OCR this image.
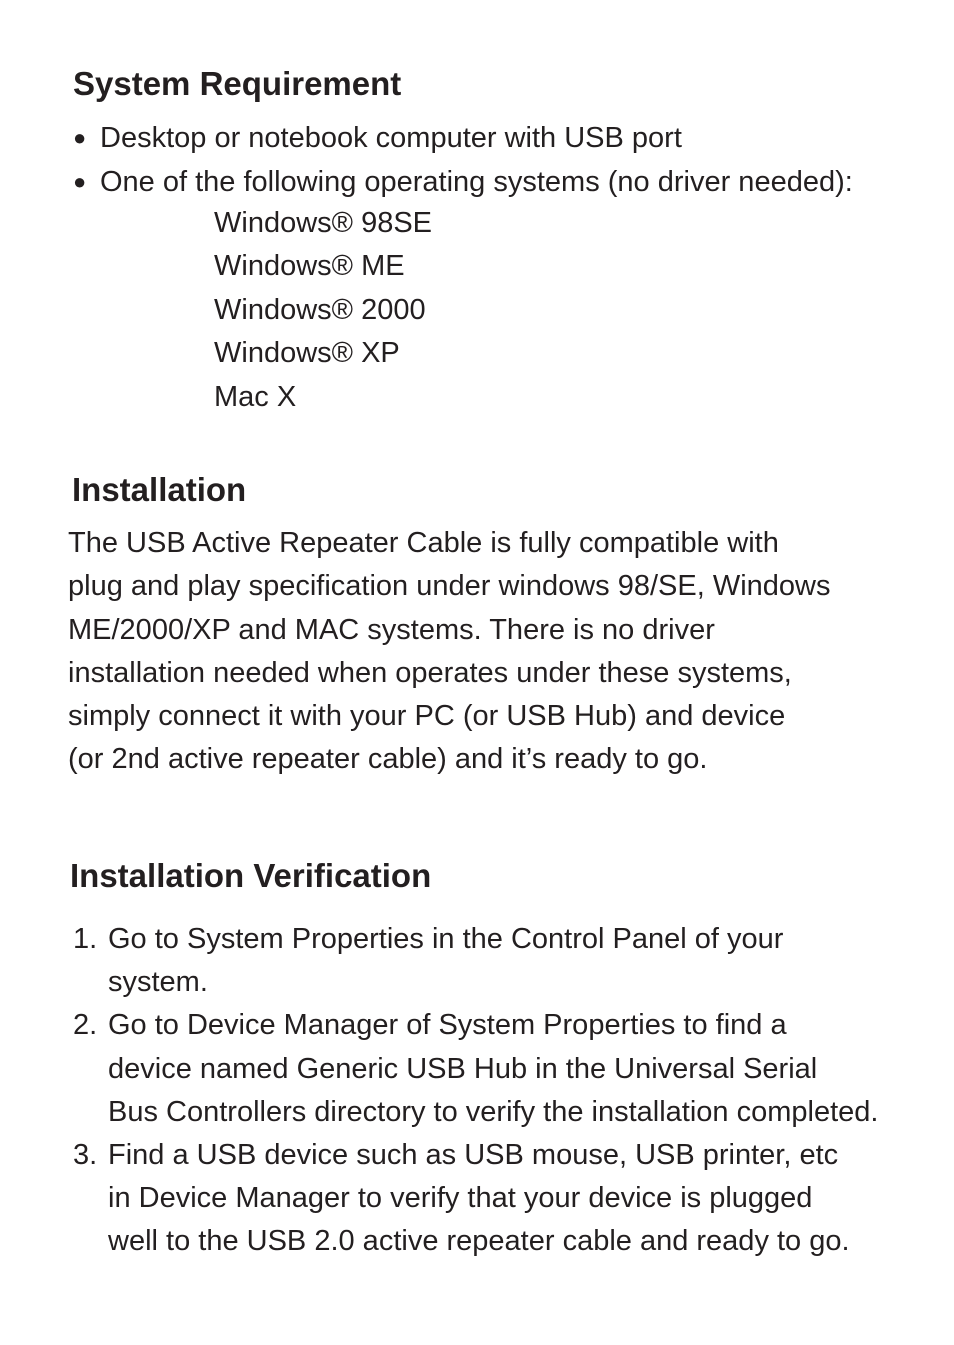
System Requirement
● Desktop or notebook computer with USB port
● One of the following operating systems (no driver needed):
Windows® 98SE
Windows® ME
Windows® 2000
Windows® XP
Mac X
Installation

The USB Active Repeater Cable is fully compatible with
plug and play specification under windows 98/SE, Windows
ME/2000/XP and MAC systems. There is no driver
installation needed when operates under these systems,
simply connect it with your PC (or USB Hub) and device
(or 2nd active repeater cable) and it’s ready to go.

Installation Verification
1. Go to System Properties in the Control Panel of your
system.
2. Go to Device Manager of System Properties to find a
device named Generic USB Hub in the Universal Serial
Bus Controllers directory to verify the installation completed.
3. Find a USB device such as USB mouse, USB printer, etc
in Device Manager to verify that your device is plugged
well to the USB 2.0 active repeater cable and ready to go.
